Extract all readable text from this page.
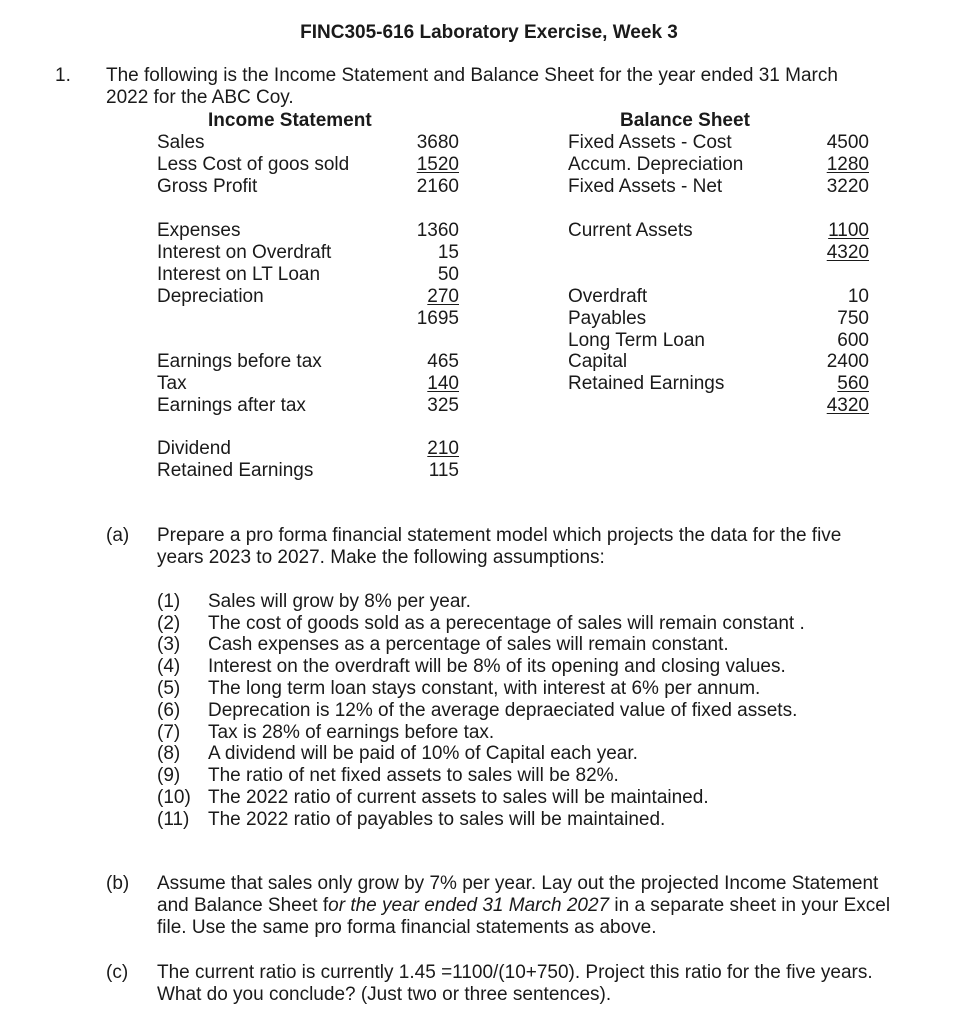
FINC305-616 Laboratory Exercise, Week 3
1. The following is the Income Statement and Balance Sheet for the year ended 31 March
2022 for the ABC Coy.
Income Statement
Sales	3680
Less Cost of goos sold	1520
Gross Profit	2160
Expenses	1360
Interest on Overdraft	15
Interest on LT Loan	50
Depreciation	270
1695
Earnings before tax	465
Tax	140
Earnings after tax	325
Dividend	210
Retained Earnings	115
Balance Sheet
Fixed Assets - Cost	4500
Accum. Depreciation	1280
Fixed Assets - Net	3220
Current Assets	1100
4320
Overdraft	10
Payables	750
Long Term Loan	600
Capital	2400
Retained Earnings	560
4320
(a) Prepare a pro forma financial statement model which projects the data for the five
years 2023 to 2027. Make the following assumptions:
(1) Sales will grow by 8% per year.
(2) The cost of goods sold as a perecentage of sales will remain constant .
(3) Cash expenses as a percentage of sales will remain constant.
(4) Interest on the overdraft will be 8% of its opening and closing values.
(5) The long term loan stays constant, with interest at 6% per annum.
(6) Deprecation is 12% of the average depraeciated value of fixed assets.
(7) Tax is 28% of earnings before tax.
(8) A dividend will be paid of 10% of Capital each year.
(9) The ratio of net fixed assets to sales will be 82%.
(10) The 2022 ratio of current assets to sales will be maintained.
(11) The 2022 ratio of payables to sales will be maintained.
(b) Assume that sales only grow by 7% per year. Lay out the projected Income Statement
and Balance Sheet for the year ended 31 March 2027 in a separate sheet in your Excel
file. Use the same pro forma financial statements as above.
(c) The current ratio is currently 1.45 =1100/(10+750). Project this ratio for the five years.
What do you conclude? (Just two or three sentences).
